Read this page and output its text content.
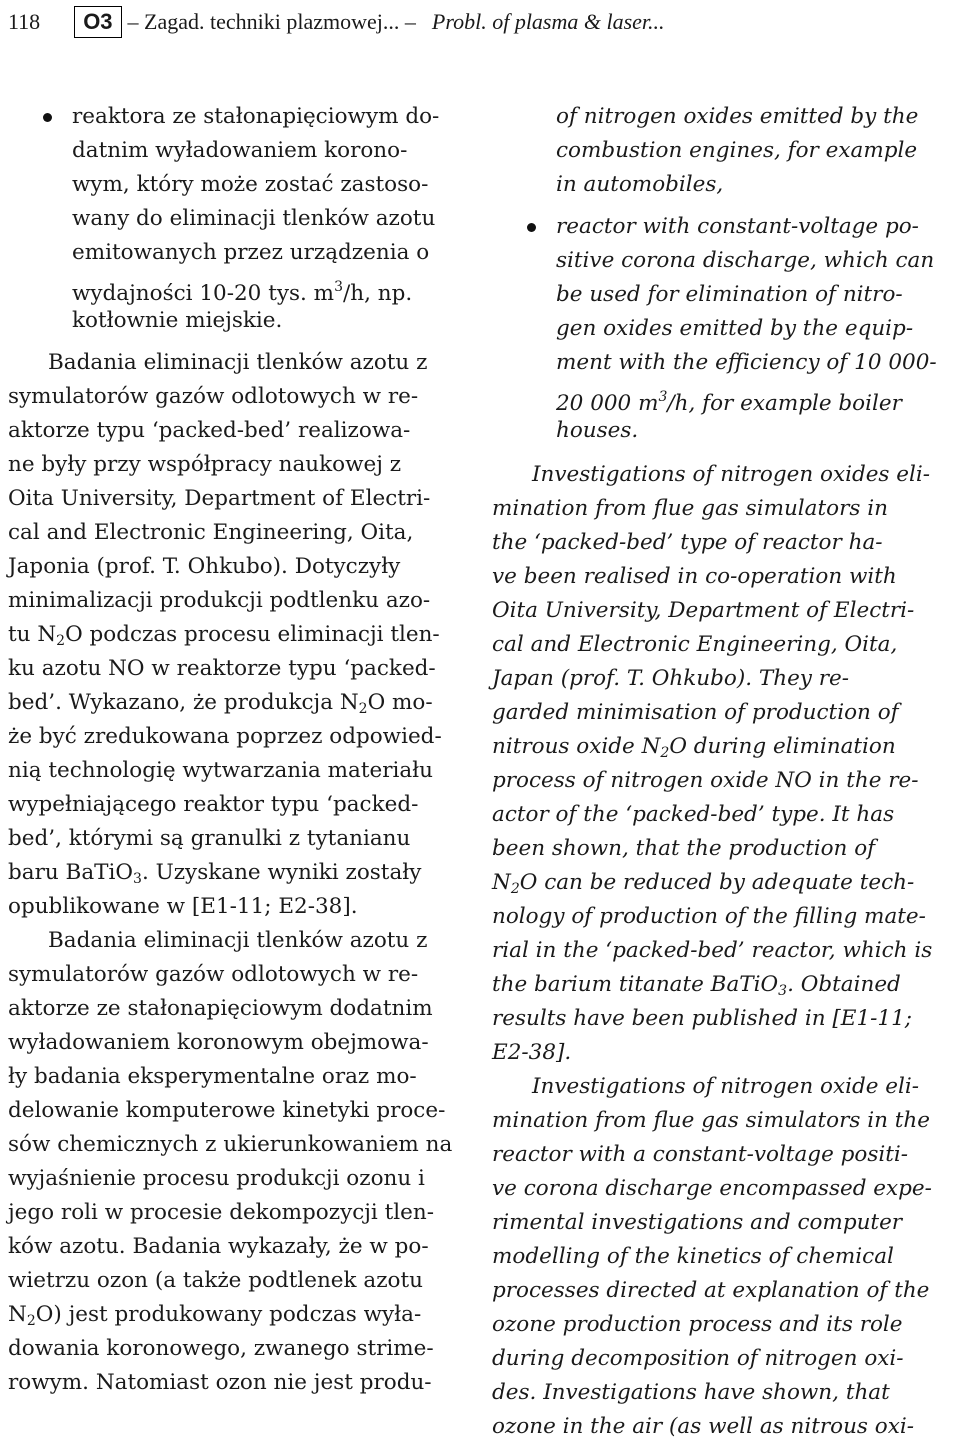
118	O3 – Zagad. techniki plazmowej... – Probl. of plasma & laser...
reaktora ze stałonapięciowym do-
datnim wyładowaniem korono-
wym, który może zostać zastoso-
wany do eliminacji tlenków azotu
emitowanych przez urządzenia o
wydajności 10-20 tys. $m^3/h$, np.
kotłownie miejskie.
Badania eliminacji tlenków azotu z
symulatorów gazów odlotowych w re-
aktorze typu ‘packed-bed’ realizowa-
ne były przy współpracy naukowej z
Oita University, Department of Electri-
cal and Electronic Engineering, Oita,
Japonia (prof. T. Ohkubo). Dotyczyły
minimalizacji produkcji podtlenku azo-
tu $N_2O$ podczas procesu eliminacji tlen-
ku azotu NO w reaktorze typu ‘packed-
bed’. Wykazano, że produkcja $N_2O$ mo-
że być zredukowana poprzez odpowied-
nią technologię wytwarzania materiału
wypełniającego reaktor typu ‘packed-
bed’, którymi są granulki z tytanianu
baru BaTiO$_3$. Uzyskane wyniki zostały
opublikowane w [E1-11; E2-38].
Badania eliminacji tlenków azotu z
symulatorów gazów odlotowych w re-
aktorze ze stałonapięciowym dodatnim
wyładowaniem koronowym obejmowa-
ły badania eksperymentalne oraz mo-
delowanie komputerowe kinetyki proce-
sów chemicznych z ukierunkowaniem na
wyjaśnienie procesu produkcji ozonu i
jego roli w procesie dekompozycji tlen-
ków azotu. Badania wykazały, że w po-
wietrzu ozon (a także podtlenek azotu
$N_2O$) jest produkowany podczas wyła-
dowania koronowego, zwanego strime-
rowym. Natomiast ozon nie jest produ-
of nitrogen oxides emitted by the
combustion engines, for example
in automobiles,
reactor with constant-voltage po-
sitive corona discharge, which can
be used for elimination of nitro-
gen oxides emitted by the equip-
ment with the efficiency of 10 000-
20 000 $m^3/h$, for example boiler
houses.
Investigations of nitrogen oxides eli-
mination from flue gas simulators in
the ‘packed-bed’ type of reactor ha-
ve been realised in co-operation with
Oita University, Department of Electri-
cal and Electronic Engineering, Oita,
Japan (prof. T. Ohkubo). They re-
garded minimisation of production of
nitrous oxide $N_2O$ during elimination
process of nitrogen oxide NO in the re-
actor of the ‘packed-bed’ type. It has
been shown, that the production of
$N_2O$ can be reduced by adequate tech-
nology of production of the filling mate-
rial in the ‘packed-bed’ reactor, which is
the barium titanate BaTiO$_3$. Obtained
results have been published in [E1-11;
E2-38].
Investigations of nitrogen oxide eli-
mination from flue gas simulators in the
reactor with a constant-voltage positi-
ve corona discharge encompassed expe-
rimental investigations and computer
modelling of the kinetics of chemical
processes directed at explanation of the
ozone production process and its role
during decomposition of nitrogen oxi-
des. Investigations have shown, that
ozone in the air (as well as nitrous oxi-
